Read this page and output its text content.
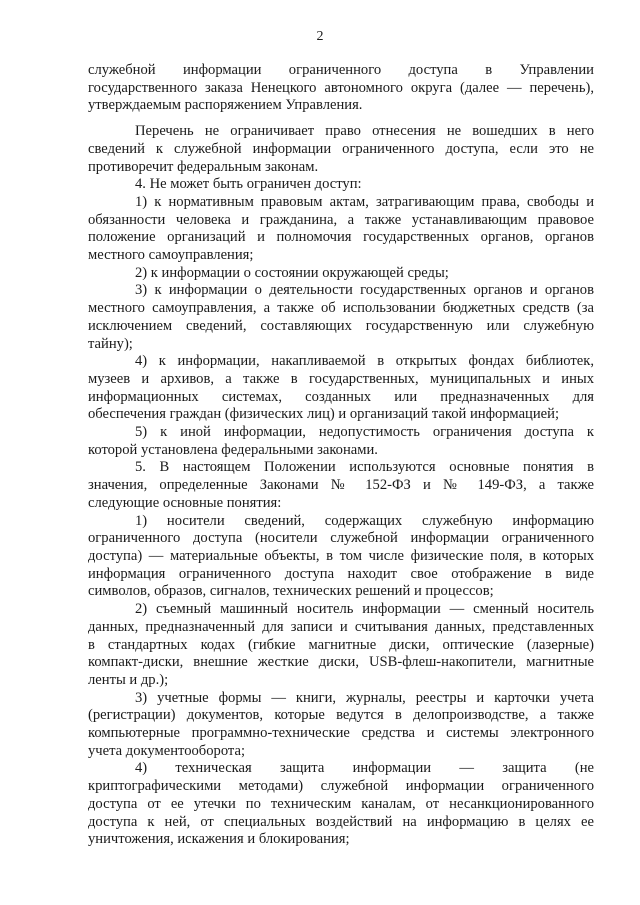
2

служебной информации ограниченного доступа в Управлении
государственного заказа Ненецкого автономного округа (далее — перечень),
утверждаемым распоряжением Управления.

Перечень не ограничивает право отнесения не вошедших в него
сведений к служебной информации ограниченного доступа, если это не
противоречит федеральным законам.

4. Не может быть ограничен доступ:

1) к нормативным правовым актам, затрагивающим права, свободы и
обязанности человека и гражданина, а также устанавливающим правовое
положение организаций и полномочия государственных органов, органов
местного самоуправления;

2) к информации о состоянии окружающей среды;

3) к информации о деятельности государственных органов и органов
местного самоуправления, а также об использовании бюджетных средств (за
исключением сведений, составляющих государственную или служебную
тайну);

4) к информации, накапливаемой в открытых фондах библиотек,
музеев и архивов, а также в государственных, муниципальных и иных
информационных системах, созданных или предназначенных для
обеспечения граждан (физических лиц) и организаций такой информацией;

5) к иной информации, недопустимость ограничения доступа к
которой установлена федеральными законами.

5. В настоящем Положении используются основные понятия в
значения, определенные Законами № 152-ФЗ и № 149-ФЗ, а также
следующие основные понятия:

1) носители сведений, содержащих служебную информацию
ограниченного доступа (носители служебной информации ограниченного
доступа) — материальные объекты, в том числе физические поля, в которых
информация ограниченного доступа находит свое отображение в виде
символов, образов, сигналов, технических решений и процессов;

2) съемный машинный носитель информации — сменный носитель
данных, предназначенный для записи и считывания данных, представленных
в стандартных кодах (гибкие магнитные диски, оптические (лазерные)
компакт-диски, внешние жесткие диски, USB-флеш-накопители, магнитные
ленты и др.);

3) учетные формы — книги, журналы, реестры и карточки учета
(регистрации) документов, которые ведутся в делопроизводстве, а также
компьютерные программно-технические средства и системы электронного
учета документооборота;

4) техническая защита информации — защита (не
криптографическими методами) служебной информации ограниченного
доступа от ее утечки по техническим каналам, от несанкционированного
доступа к ней, от специальных воздействий на информацию в целях ее
уничтожения, искажения и блокирования;
